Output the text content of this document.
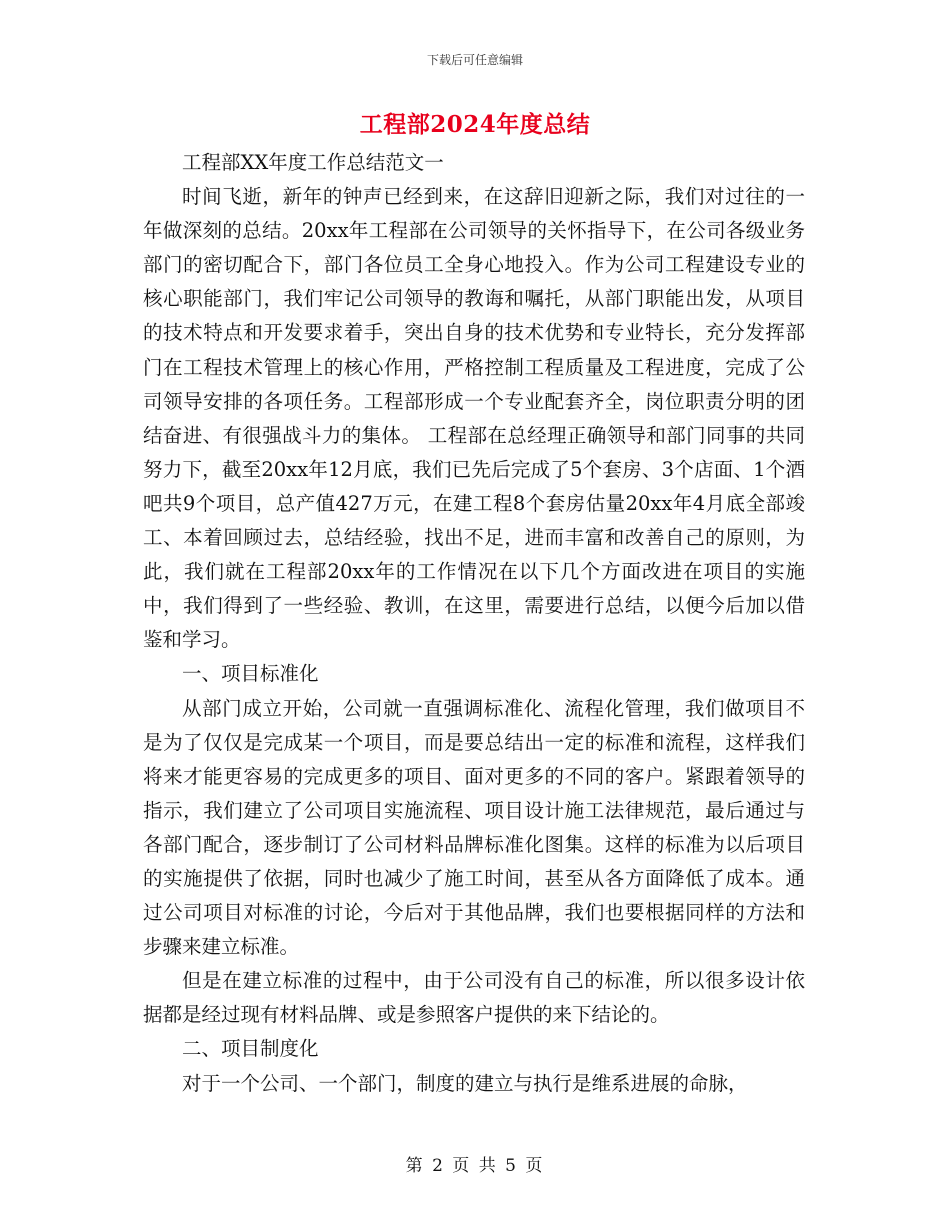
下载后可任意编辑
工程部2024年度总结

工程部XX年度工作总结范文一

时间飞逝，新年的钟声已经到来，在这辞旧迎新之际，我们对过往的一年做深刻的总结。20xx年工程部在公司领导的关怀指导下，在公司各级业务部门的密切配合下，部门各位员工全身心地投入。作为公司工程建设专业的核心职能部门，我们牢记公司领导的教诲和嘱托，从部门职能出发，从项目的技术特点和开发要求着手，突出自身的技术优势和专业特长，充分发挥部门在工程技术管理上的核心作用，严格控制工程质量及工程进度，完成了公司领导安排的各项任务。工程部形成一个专业配套齐全，岗位职责分明的团结奋进、有很强战斗力的集体。 工程部在总经理正确领导和部门同事的共同努力下，截至20xx年12月底，我们已先后完成了5个套房、3个店面、1个酒吧共9个项目，总产值427万元，在建工程8个套房估量20xx年4月底全部竣工、本着回顾过去，总结经验，找出不足，进而丰富和改善自己的原则，为此，我们就在工程部20xx年的工作情况在以下几个方面改进在项目的实施中，我们得到了一些经验、教训，在这里，需要进行总结，以便今后加以借鉴和学习。

一、项目标准化

从部门成立开始，公司就一直强调标准化、流程化管理，我们做项目不是为了仅仅是完成某一个项目，而是要总结出一定的标准和流程，这样我们将来才能更容易的完成更多的项目、面对更多的不同的客户。紧跟着领导的指示，我们建立了公司项目实施流程、项目设计施工法律规范，最后通过与各部门配合，逐步制订了公司材料品牌标准化图集。这样的标准为以后项目的实施提供了依据，同时也减少了施工时间，甚至从各方面降低了成本。通过公司项目对标准的讨论，今后对于其他品牌，我们也要根据同样的方法和步骤来建立标准。

但是在建立标准的过程中，由于公司没有自己的标准，所以很多设计依据都是经过现有材料品牌、或是参照客户提供的来下结论的。

二、项目制度化

对于一个公司、一个部门，制度的建立与执行是维系进展的命脉，

第 2 页 共 5 页
